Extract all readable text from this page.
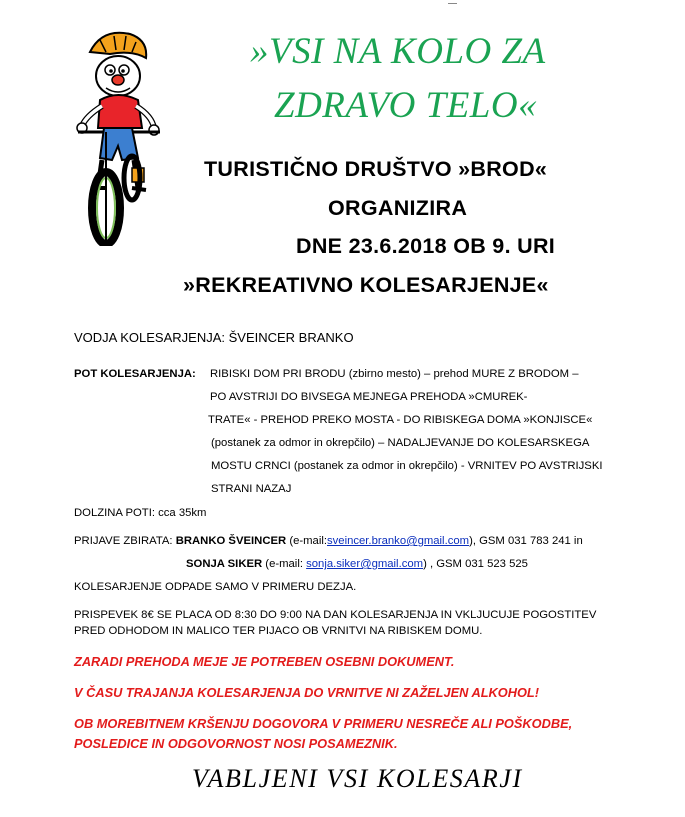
»VSI NA KOLO ZA
ZDRAVO TELO«
TURISTIČNO DRUŠTVO »BROD«
ORGANIZIRA
DNE 23.6.2018 OB 9. URI
»REKREATIVNO KOLESARJENJE«
VODJA KOLESARJENJA: ŠVEINCER BRANKO
POT KOLESARJENJA: RIBISKI DOM PRI BRODU (zbirno mesto) – prehod MURE Z BRODOM –
PO AVSTRIJI DO BIVSEGA MEJNEGA PREHODA »CMUREK-
TRATE« - PREHOD PREKO MOSTA - DO RIBISKEGA DOMA »KONJISCE«
(postanek za odmor in okrepčilo) – NADALJEVANJE DO KOLESARSKEGA
MOSTU CRNCI (postanek za odmor in okrepčilo) - VRNITEV PO AVSTRIJSKI
STRANI NAZAJ
DOLZINA POTI: cca 35km
PRIJAVE ZBIRATA: BRANKO ŠVEINCER (e-mail:sveincer.branko@gmail.com), GSM 031 783 241 in
SONJA SIKER (e-mail: sonja.siker@gmail.com) , GSM 031 523 525
KOLESARJENJE ODPADE SAMO V PRIMERU DEZJA.
PRISPEVEK 8€ SE PLACA OD 8:30 DO 9:00 NA DAN KOLESARJENJA IN VKLJUCUJE POGOSTITEV
PRED ODHODOM IN MALICO TER PIJACO OB VRNITVI NA RIBISKEM DOMU.
ZARADI PREHODA MEJE JE POTREBEN OSEBNI DOKUMENT.
V ČASU TRAJANJA KOLESARJENJA DO VRNITVE NI ZAŽELJEN ALKOHOL!
OB MOREBITNEM KRŠENJU DOGOVORA V PRIMERU NESREČE ALI POŠKODBE,
POSLEDICE IN ODGOVORNOST NOSI POSAMEZNIK.
VABLJENI VSI KOLESARJI
